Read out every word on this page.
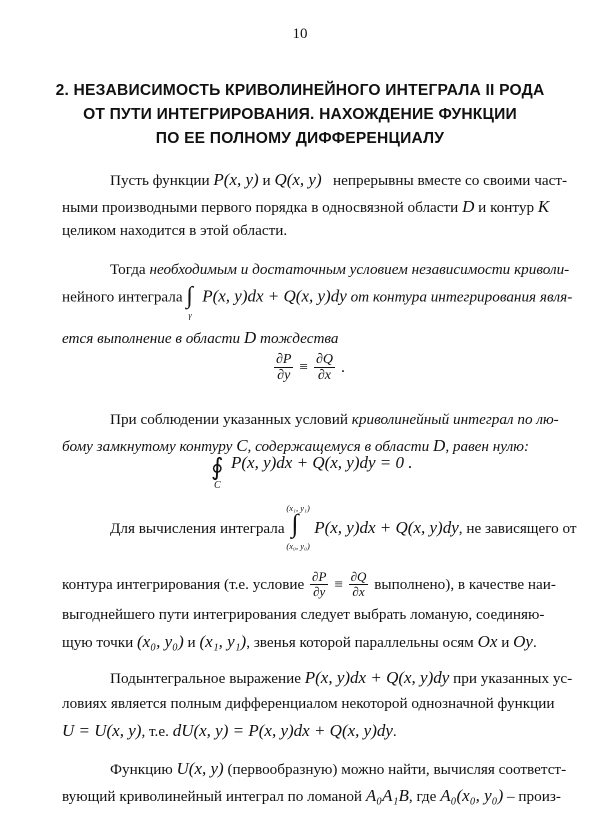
10
2. НЕЗАВИСИМОСТЬ КРИВОЛИНЕЙНОГО ИНТЕГРАЛА II РОДА
ОТ ПУТИ ИНТЕГРИРОВАНИЯ. НАХОЖДЕНИЕ ФУНКЦИИ
ПО ЕЕ ПОЛНОМУ ДИФФЕРЕНЦИАЛУ
Пусть функции P(x, y) и Q(x, y) непрерывны вместе со своими част-
ными производными первого порядка в односвязной области D и контур K
целиком находится в этой области.
Тогда необходимым и достаточным условием независимости криволи-
нейного интеграла ∫
γ
P(x, y)dx + Q(x, y)dy от контура интегрирования явля-
ется выполнение в области D тождества
$\frac{\partial P}{\partial y} \equiv \frac{\partial Q}{\partial x}$ .
При соблюдении указанных условий криволинейный интеграл по лю-
бому замкнутому контуру C, содержащемуся в области D, равен нулю:
∮
C
P(x, y)dx + Q(x, y)dy = 0 .
Для вычисления интеграла
(x₁, y₁)
∫
(x₀, y₀)
P(x, y)dx + Q(x, y)dy, не зависящего от
контура интегрирования (т.е. условие $\frac{\partial P}{\partial y} \equiv \frac{\partial Q}{\partial x}$ выполнено), в качестве наи-
выгоднейшего пути интегрирования следует выбрать ломаную, соединяю-
щую точки (x₀, y₀) и (x₁, y₁), звенья которой параллельны осям Ox и Oy.
Подынтегральное выражение P(x, y)dx + Q(x, y)dy при указанных ус-
ловиях является полным дифференциалом некоторой однозначной функции
U = U(x, y), т.е. dU(x, y) = P(x, y)dx + Q(x, y)dy.
Функцию U(x, y) (первообразную) можно найти, вычисляя соответст-
вующий криволинейный интеграл по ломаной A₀A₁B, где A₀(x₀, y₀) – произ-
